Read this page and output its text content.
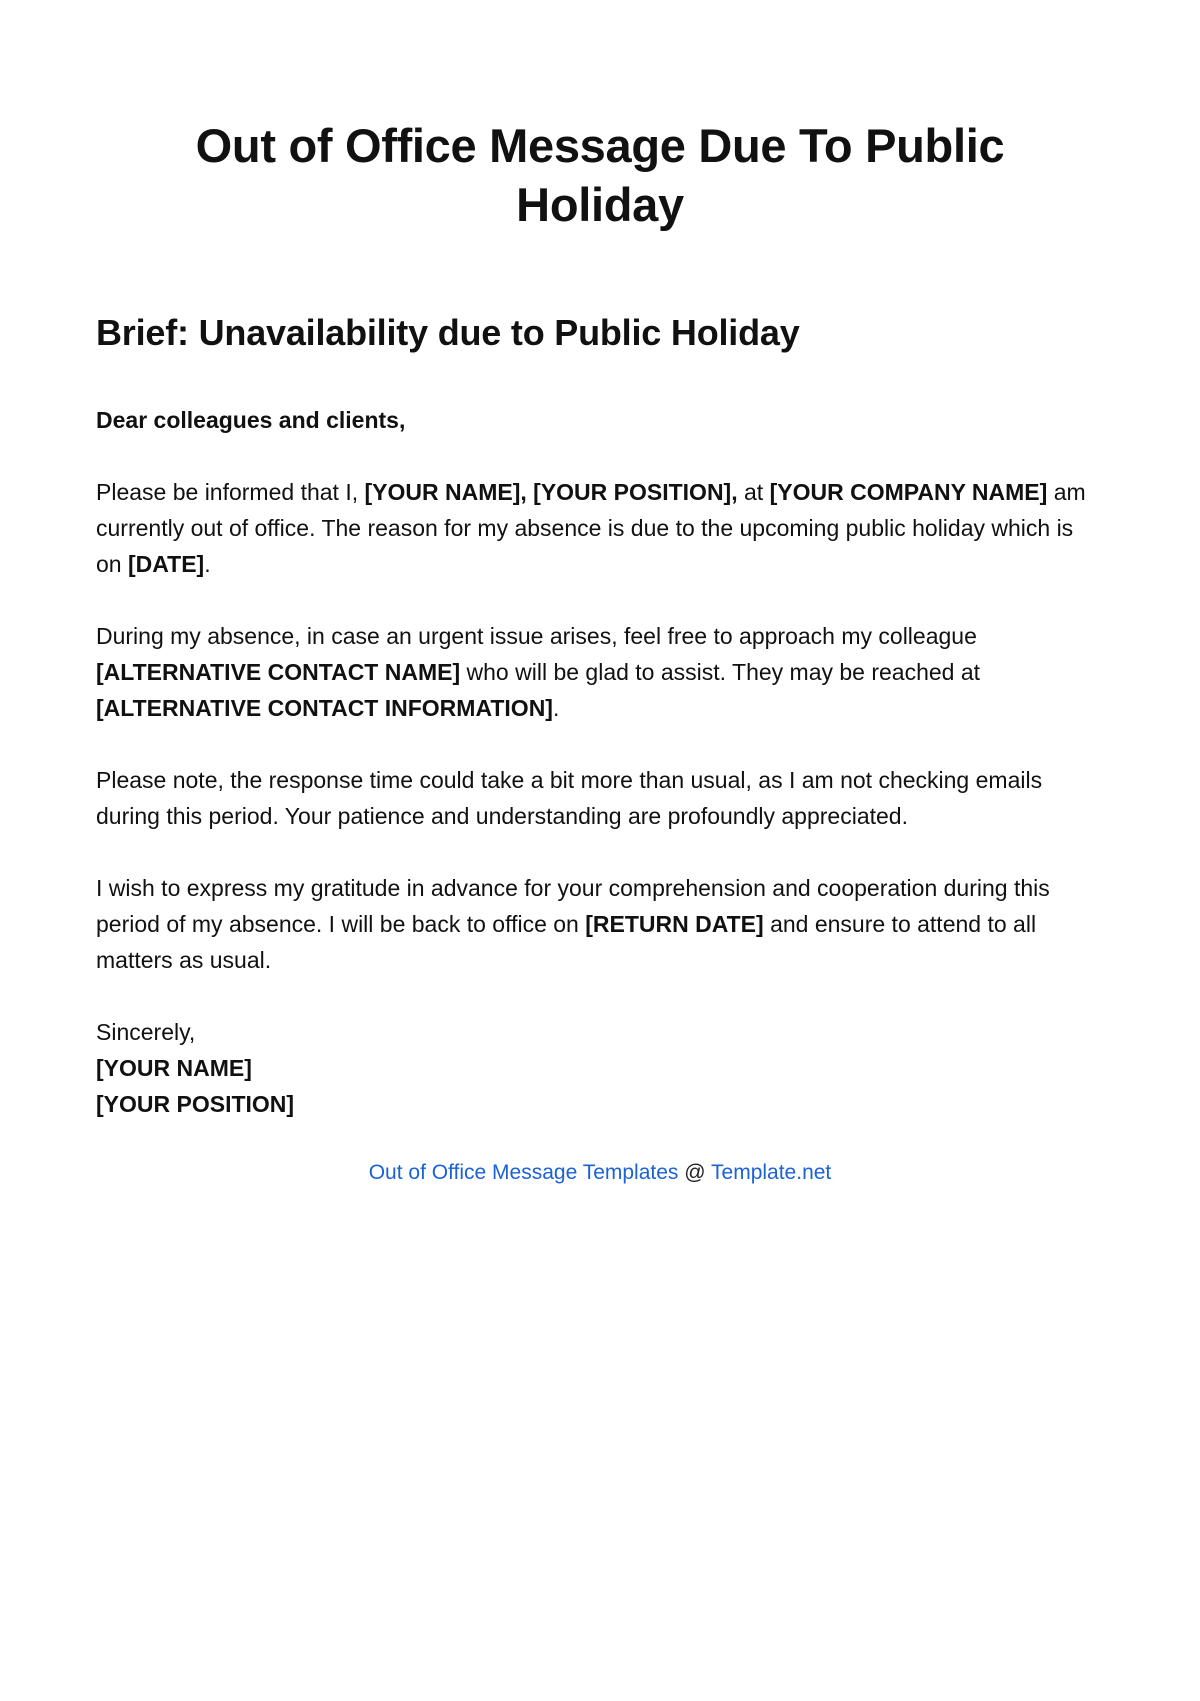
Out of Office Message Due To Public Holiday
Brief: Unavailability due to Public Holiday

Dear colleagues and clients,

Please be informed that I, [YOUR NAME], [YOUR POSITION], at [YOUR COMPANY NAME] am currently out of office. The reason for my absence is due to the upcoming public holiday which is on [DATE].

During my absence, in case an urgent issue arises, feel free to approach my colleague [ALTERNATIVE CONTACT NAME] who will be glad to assist. They may be reached at [ALTERNATIVE CONTACT INFORMATION].

Please note, the response time could take a bit more than usual, as I am not checking emails during this period. Your patience and understanding are profoundly appreciated.

I wish to express my gratitude in advance for your comprehension and cooperation during this period of my absence. I will be back to office on [RETURN DATE] and ensure to attend to all matters as usual.

Sincerely,

[YOUR NAME]

[YOUR POSITION]

Out of Office Message Templates @ Template.net
